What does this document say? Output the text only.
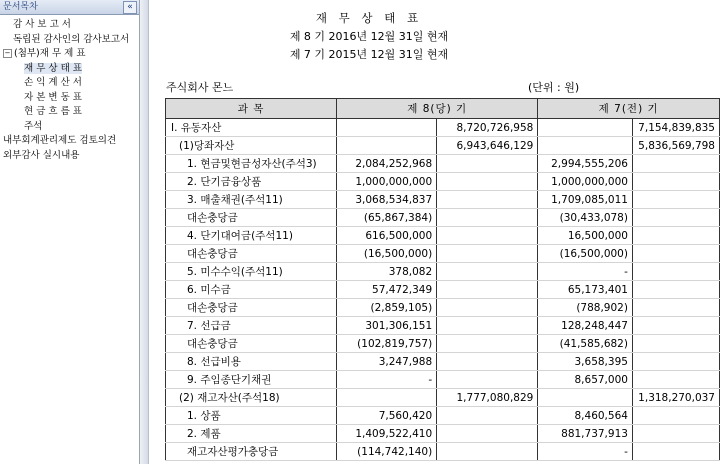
문서목차	«
감 사 보 고 서
독립된 감사인의 감사보고서
− (첨부)재 무 제 표
재 무 상 태 표
손 익 계 산 서
자 본 변 동 표
현 금 흐 름 표
주석
내부회계관리제도 검토의견
외부감사 실시내용
재 무 상 태 표
제 8 기 2016년 12월 31일 현재
제 7 기 2015년 12월 31일 현재
주식회사 몬느	(단위 : 원)
과 목	제 8(당) 기		제 7(전) 기	
Ⅰ. 유동자산		8,720,726,958		7,154,839,835
(1)당좌자산		6,943,646,129		5,836,569,798
1. 현금및현금성자산(주석3)	2,084,252,968		2,994,555,206	
2. 단기금융상품	1,000,000,000		1,000,000,000	
3. 매출채권(주석11)	3,068,534,837		1,709,085,011	
대손충당금	(65,867,384)		(30,433,078)	
4. 단기대여금(주석11)	616,500,000		16,500,000	
대손충당금	(16,500,000)		(16,500,000)	
5. 미수수익(주석11)	378,082		-	
6. 미수금	57,472,349		65,173,401	
대손충당금	(2,859,105)		(788,902)	
7. 선급금	301,306,151		128,248,447	
대손충당금	(102,819,757)		(41,585,682)	
8. 선급비용	3,247,988		3,658,395	
9. 주임종단기채권	-		8,657,000	
(2) 재고자산(주석18)		1,777,080,829		1,318,270,037
1. 상품	7,560,420		8,460,564	
2. 제품	1,409,522,410		881,737,913	
재고자산평가충당금	(114,742,140)		-	
